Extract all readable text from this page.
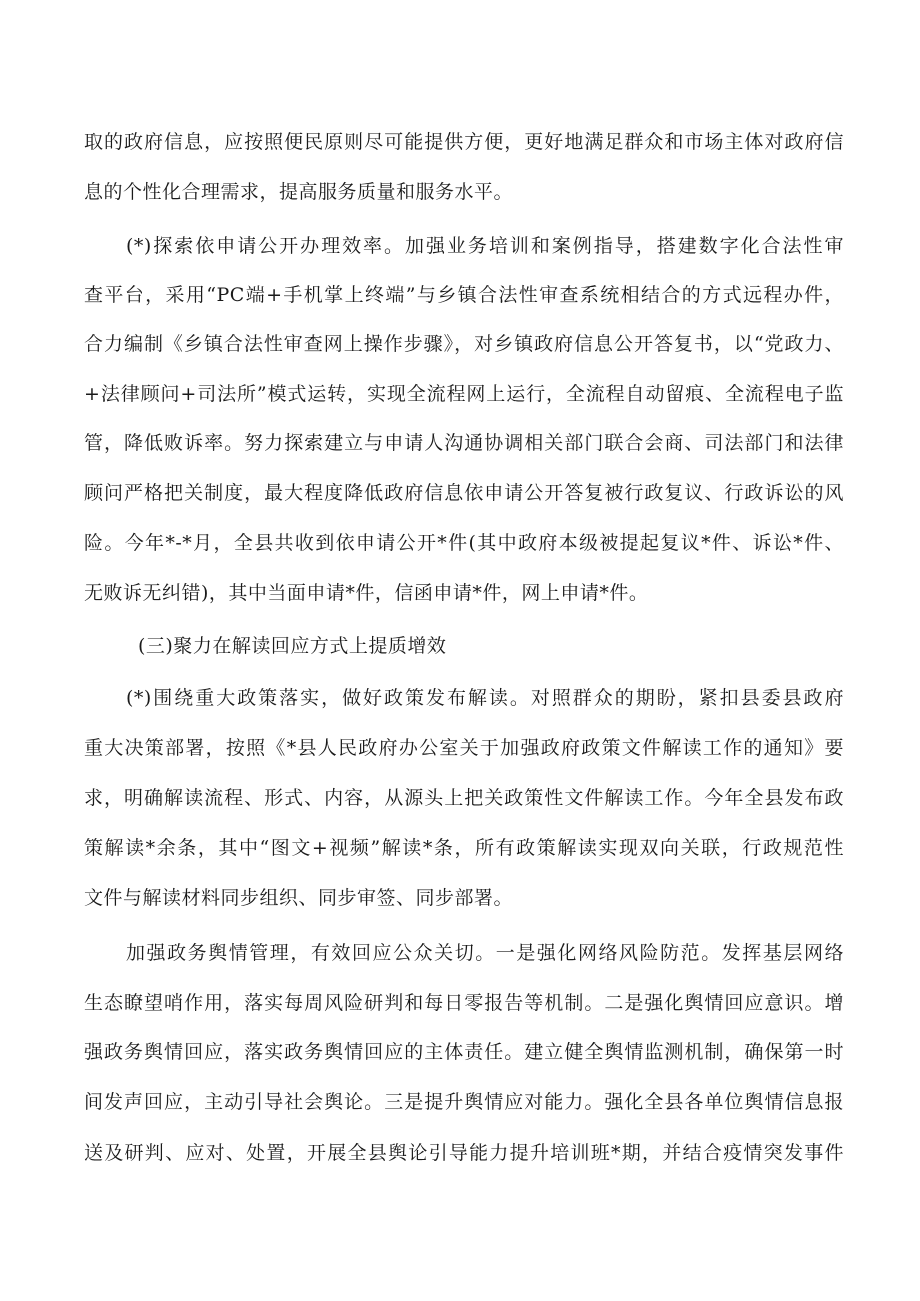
取的政府信息，应按照便民原则尽可能提供方便，更好地满足群众和市场主体对政府信
息的个性化合理需求，提高服务质量和服务水平。
(*)探索依申请公开办理效率。加强业务培训和案例指导，搭建数字化合法性审
查平台，采用“PC端+手机掌上终端”与乡镇合法性审查系统相结合的方式远程办件，
合力编制《乡镇合法性审查网上操作步骤》，对乡镇政府信息公开答复书，以“党政力、
+法律顾问+司法所”模式运转，实现全流程网上运行，全流程自动留痕、全流程电子监
管，降低败诉率。努力探索建立与申请人沟通协调相关部门联合会商、司法部门和法律
顾问严格把关制度，最大程度降低政府信息依申请公开答复被行政复议、行政诉讼的风
险。今年*-*月，全县共收到依申请公开*件(其中政府本级被提起复议*件、诉讼*件、
无败诉无纠错)，其中当面申请*件，信函申请*件，网上申请*件。
(三)聚力在解读回应方式上提质增效
(*)围绕重大政策落实，做好政策发布解读。对照群众的期盼，紧扣县委县政府
重大决策部署，按照《*县人民政府办公室关于加强政府政策文件解读工作的通知》要
求，明确解读流程、形式、内容，从源头上把关政策性文件解读工作。今年全县发布政
策解读*余条，其中“图文+视频”解读*条，所有政策解读实现双向关联，行政规范性
文件与解读材料同步组织、同步审签、同步部署。
加强政务舆情管理，有效回应公众关切。一是强化网络风险防范。发挥基层网络
生态瞭望哨作用，落实每周风险研判和每日零报告等机制。二是强化舆情回应意识。增
强政务舆情回应，落实政务舆情回应的主体责任。建立健全舆情监测机制，确保第一时
间发声回应，主动引导社会舆论。三是提升舆情应对能力。强化全县各单位舆情信息报
送及研判、应对、处置，开展全县舆论引导能力提升培训班*期，并结合疫情突发事件
